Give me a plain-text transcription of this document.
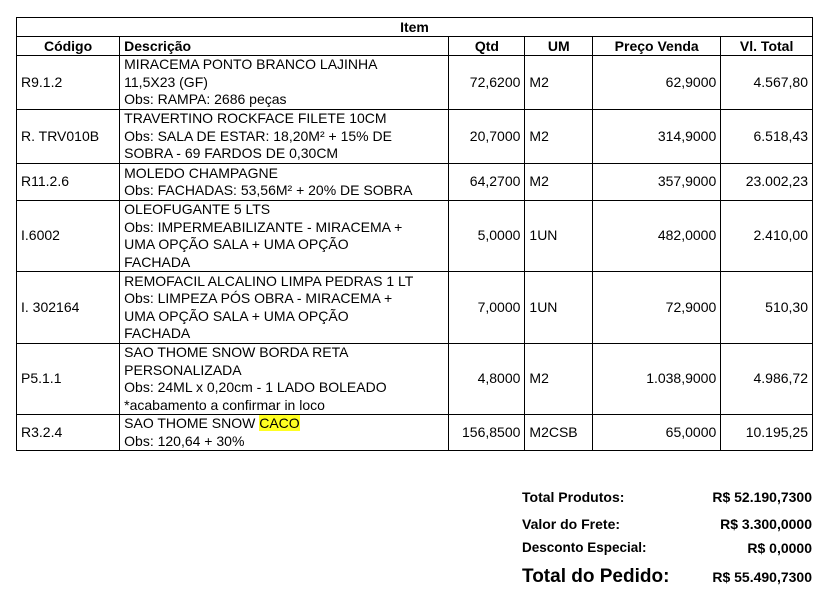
Item					
Código	Descrição	Qtd	UM	Preço Venda	Vl. Total
R9.1.2	MIRACEMA PONTO BRANCO LAJINHA
11,5X23 (GF)
Obs: RAMPA: 2686 peças	72,6200	M2	62,9000	4.567,80
R. TRV010B	TRAVERTINO ROCKFACE FILETE 10CM
Obs: SALA DE ESTAR: 18,20M² + 15% DE
SOBRA - 69 FARDOS DE 0,30CM	20,7000	M2	314,9000	6.518,43
R11.2.6	MOLEDO CHAMPAGNE
Obs: FACHADAS: 53,56M² + 20% DE SOBRA	64,2700	M2	357,9000	23.002,23
I.6002	OLEOFUGANTE 5 LTS
Obs: IMPERMEABILIZANTE - MIRACEMA +
UMA OPÇÃO SALA + UMA OPÇÃO
FACHADA	5,0000	1UN	482,0000	2.410,00
I. 302164	REMOFACIL ALCALINO LIMPA PEDRAS 1 LT
Obs: LIMPEZA PÓS OBRA - MIRACEMA +
UMA OPÇÃO SALA + UMA OPÇÃO
FACHADA	7,0000	1UN	72,9000	510,30
P5.1.1	SAO THOME SNOW BORDA RETA
PERSONALIZADA
Obs: 24ML x 0,20cm - 1 LADO BOLEADO
*acabamento a confirmar in loco	4,8000	M2	1.038,9000	4.986,72
R3.2.4	SAO THOME SNOW CACO
Obs: 120,64 + 30%	156,8500	M2CSB	65,0000	10.195,25
Total Produtos:	R$ 52.190,7300
Valor do Frete:	R$ 3.300,0000
Desconto Especial:	R$ 0,0000
Total do Pedido:	R$ 55.490,7300
